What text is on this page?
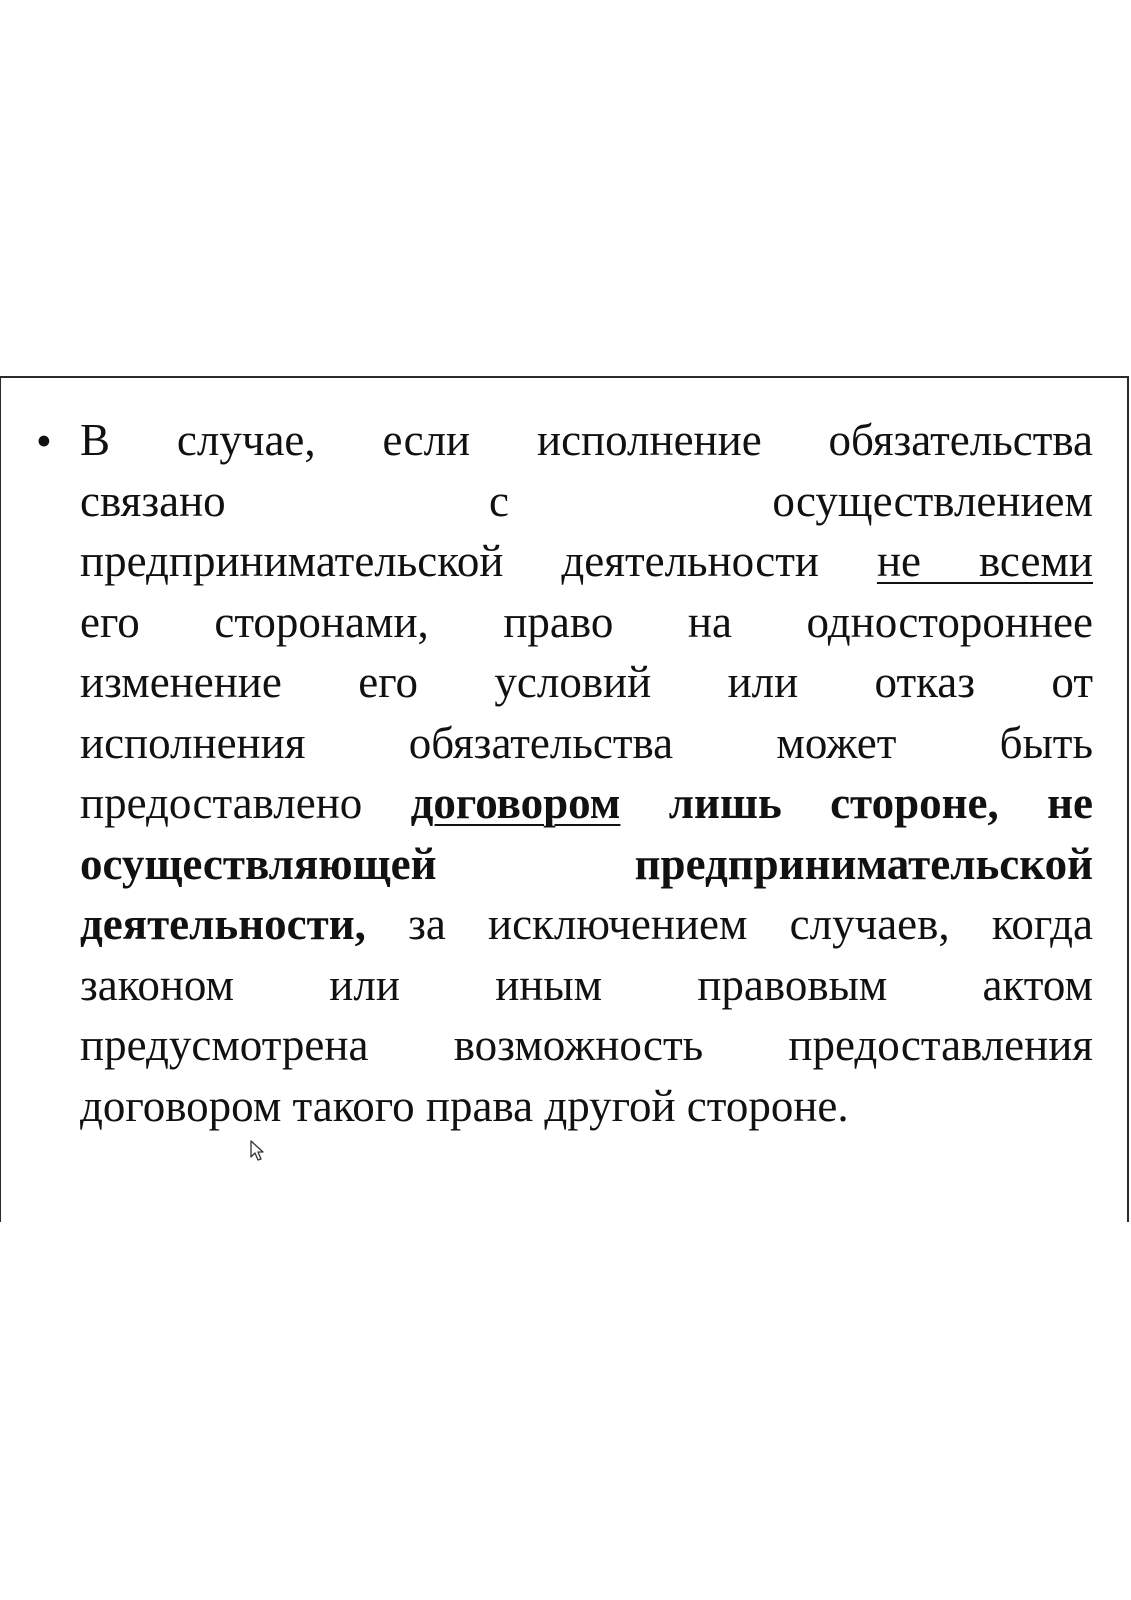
• В случае, если исполнение обязательства
связано с осуществлением
предпринимательской деятельности не всеми
его сторонами, право на одностороннее
изменение его условий или отказ от
исполнения обязательства может быть
предоставлено договором лишь стороне, не
осуществляющей предпринимательской
деятельности, за исключением случаев, когда
законом или иным правовым актом
предусмотрена возможность предоставления
договором такого права другой стороне.
